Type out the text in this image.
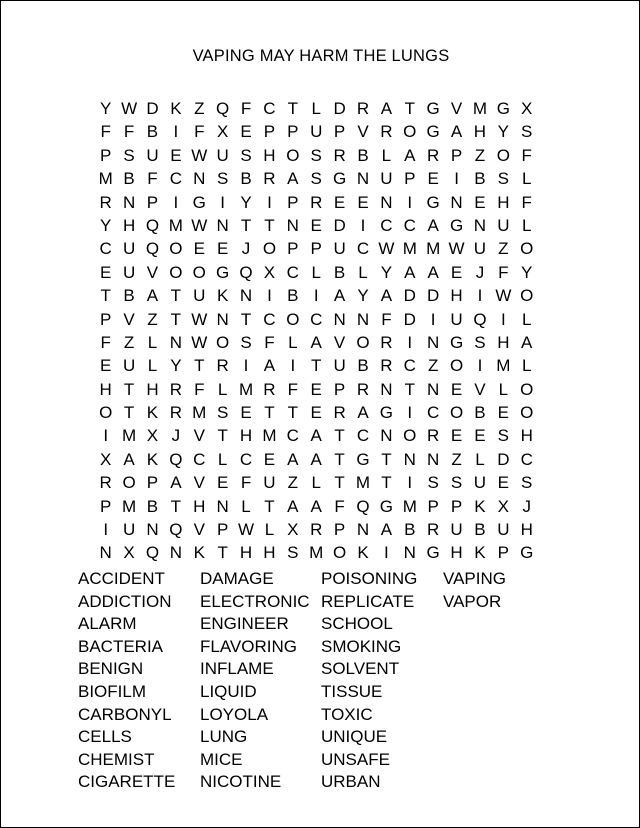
VAPING MAY HARM THE LUNGS
Y W D K Z Q F C T L D R A T G V M G X
F F B I F X E P P U P V R O G A H Y S
P S U E W U S H O S R B L A R P Z O F
M B F C N S B R A S G N U P E I B S L
R N P I G I Y I P R E E N I G N E H F
Y H Q M W N T T N E D I C C A G N U L
C U Q O E E J O P P U C W M M W U Z O
E U V O O G Q X C L B L Y A A E J F Y
T B A T U K N I B I A Y A D D H I W O
P V Z T W N T C O C N N F D I U Q I L
F Z L N W O S F L A V O R I N G S H A
E U L Y T R I A I T U B R C Z O I M L
H T H R F L M R F E P R N T N E V L O
O T K R M S E T T E R A G I C O B E O
I M X J V T H M C A T C N O R E E S H
X A K Q C L C E A A T G T N N Z L D C
R O P A V E F U Z L T M T I S S U E S
P M B T H N L T A A F Q G M P P K X J
I U N Q V P W L X R P N A B R U B U H
N X Q N K T H H S M O K I N G H K P G
ACCIDENT
ADDICTION
ALARM
BACTERIA
BENIGN
BIOFILM
CARBONYL
CELLS
CHEMIST
CIGARETTE
DAMAGE
ELECTRONIC
ENGINEER
FLAVORING
INFLAME
LIQUID
LOYOLA
LUNG
MICE
NICOTINE
POISONING
REPLICATE
SCHOOL
SMOKING
SOLVENT
TISSUE
TOXIC
UNIQUE
UNSAFE
URBAN
VAPING
VAPOR
